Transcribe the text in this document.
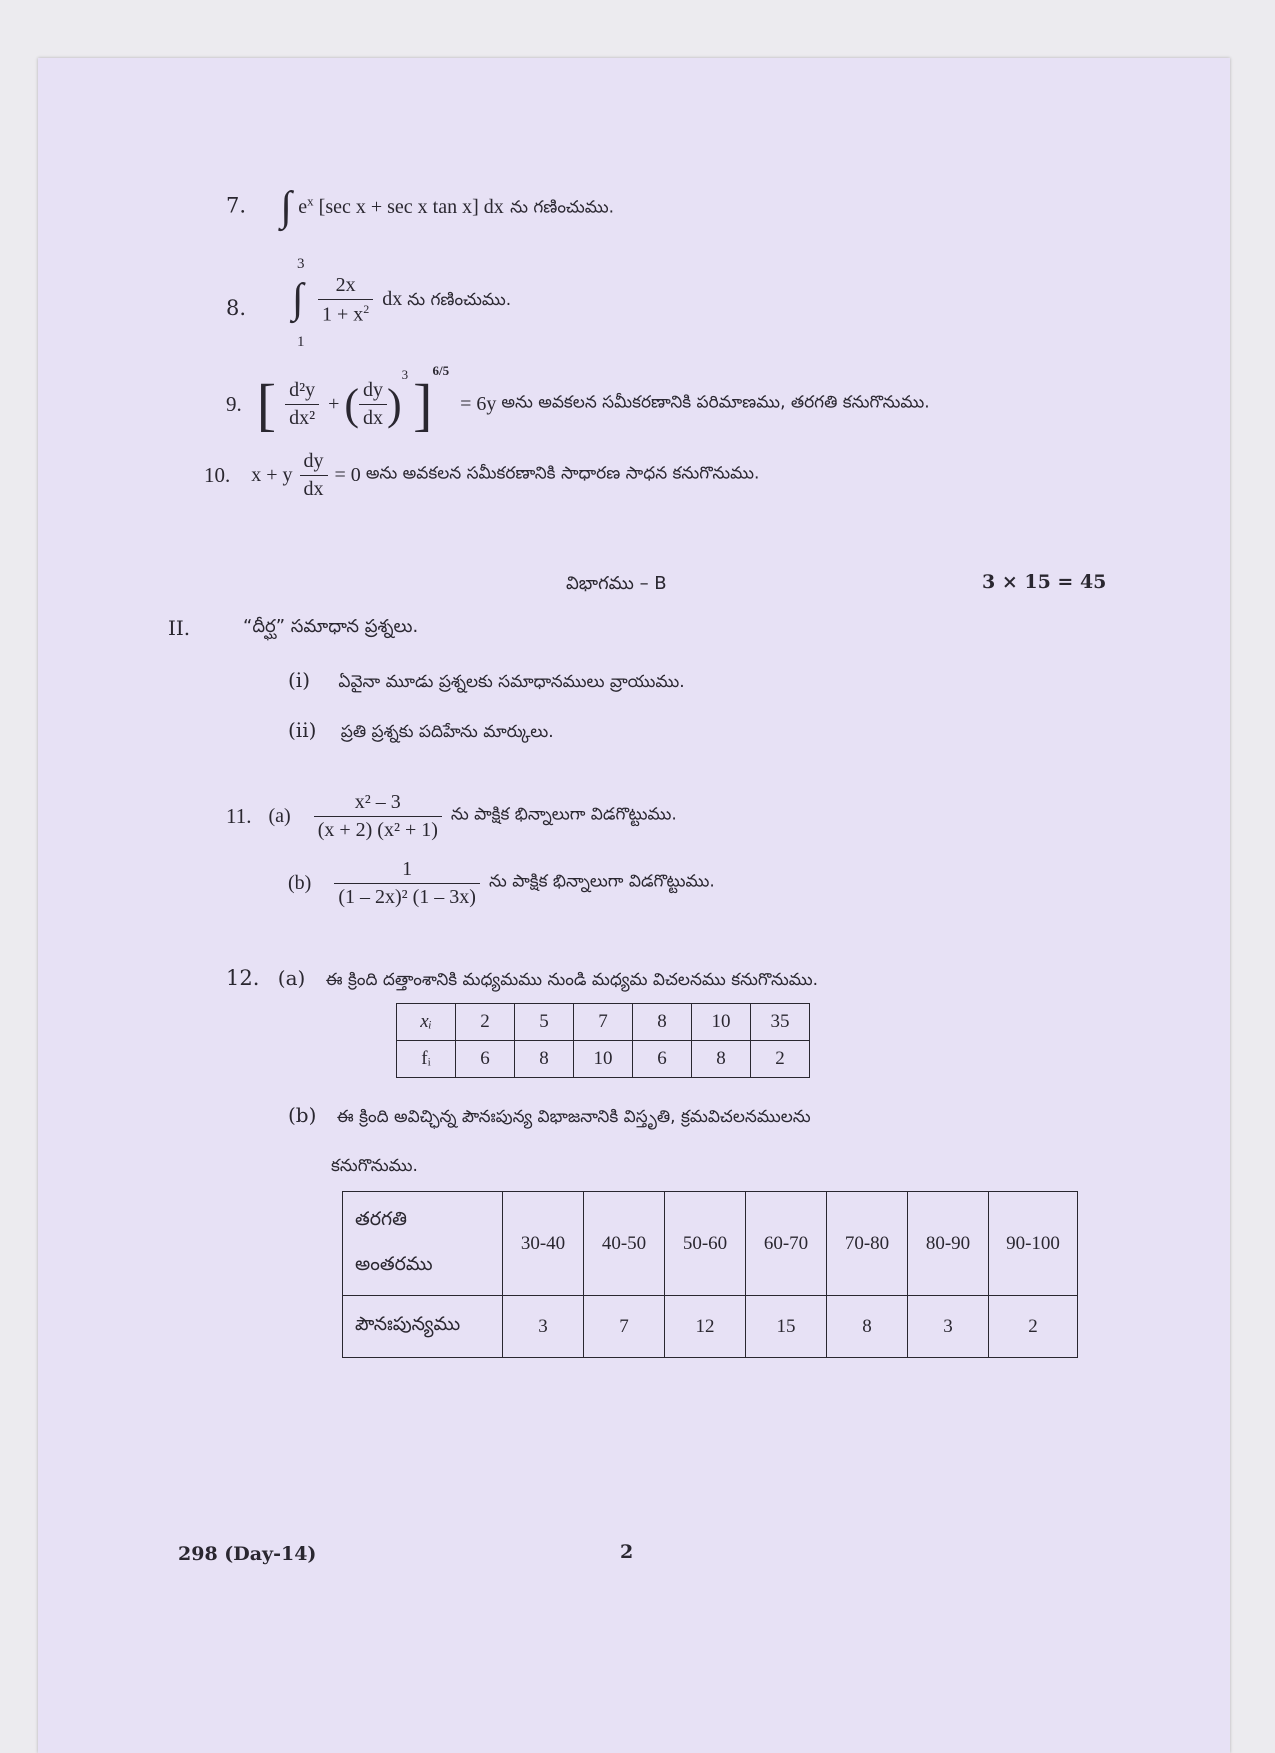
7. ∫ $e^x$ [sec x + sec x tan x] dx ను గణించుము.
8.
3
∫
1
$\frac{2x}{1 + x^2}$ dx ను గణించుము.
9. [ $\frac{\text{d²y}}{\text{dx²}}$ + ( $\frac{dy}{dx} )^3$ ]$^{6/5}$ = 6y అను అవకలన సమీకరణానికి పరిమాణము, తరగతి కనుగొనుము.
10. x + y $\frac{dy}{dx} = 0$ అను అవకలన సమీకరణానికి సాధారణ సాధన కనుగొనుము.
విభాగము – B	3 × 15 = 45
II.	“దీర్ఘ” సమాధాన ప్రశ్నలు.
(i) ఏవైనా మూడు ప్రశ్నలకు సమాధానములు వ్రాయుము.
(ii) ప్రతి ప్రశ్నకు పదిహేను మార్కులు.
11. $(a) \frac{\text{x² – 3}}{\text{(x + 2) (x² + 1)}}$ ను పాక్షిక భిన్నాలుగా విడగొట్టుము.
$(b) \frac{1}{\text{(1 – 2x)² (1 – 3x)}}$ ను పాక్షిక భిన్నాలుగా విడగొట్టుము.
12. (a) ఈ క్రింది దత్తాంశానికి మధ్యమము నుండి మధ్యమ విచలనము కనుగొనుము.
xᵢ	2	5	7	8	10	35
fᵢ	6	8	10	6	8	2
(b) ఈ క్రింది అవిచ్ఛిన్న పౌనఃపున్య విభాజనానికి విస్తృతి, క్రమవిచలనములను
కనుగొనుము.
తరగతి
అంతరము	30-40	40-50	50-60	60-70	70-80	80-90	90-100
పౌనఃపున్యము	3	7	12	15	8	3	2
298 (Day-14)	2
